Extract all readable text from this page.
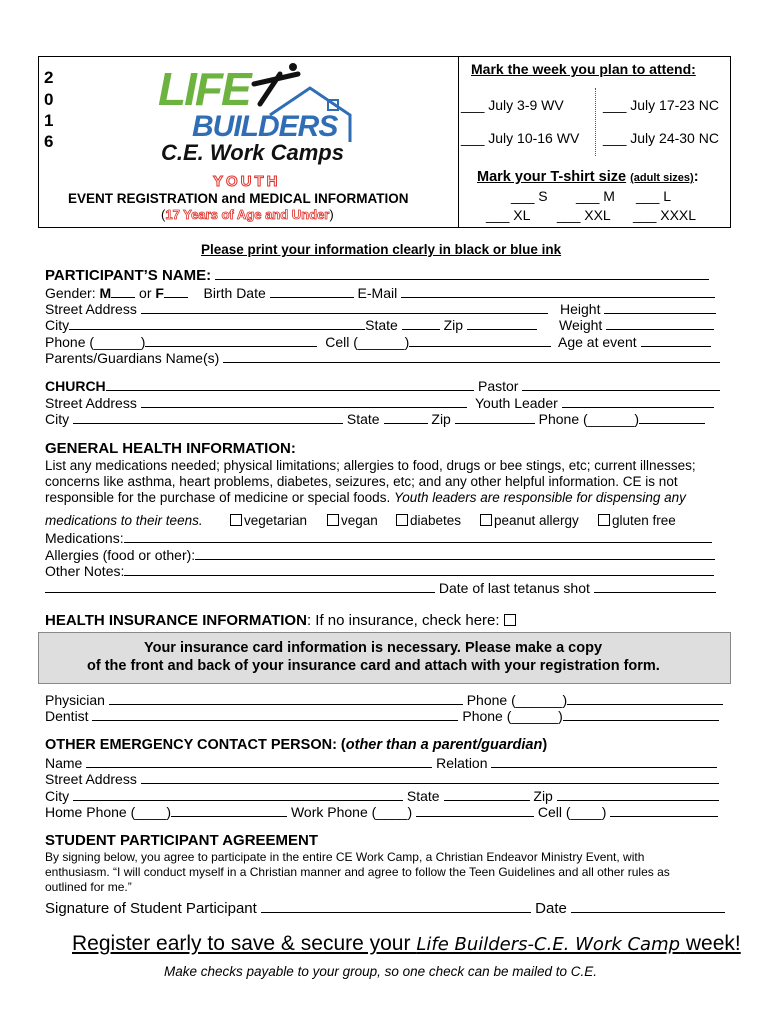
2
0
1
6
LIFE
BUILDERS
C.E. Work Camps
YOUTH
EVENT REGISTRATION and MEDICAL INFORMATION
(17 Years of Age and Under)
Mark the week you plan to attend:
___ July 3-9 WV	___ July 17-23 NC
___ July 10-16 WV ___ July 24-30 NC
Mark your T-shirt size (adult sizes):
___ S ___ M ___ L
___ XL ___ XXL ___ XXXL
Please print your information clearly in black or blue ink
PARTICIPANT’S NAME:
Gender: M or F	Birth Date	E-Mail
Street Address	Height
City	State	Zip	Weight
Phone (______)	Cell (______)	Age at event
Parents/Guardians Name(s)
CHURCH	Pastor
Street Address	Youth Leader
City	State	Zip	Phone (______)
GENERAL HEALTH INFORMATION:
List any medications needed; physical limitations; allergies to food, drugs or bee stings, etc; current illnesses;
concerns like asthma, heart problems, diabetes, seizures, etc; and any other helpful information. CE is not
responsible for the purchase of medicine or special foods. Youth leaders are responsible for dispensing any
medications to their teens.	vegetarian	vegan	diabetes	peanut allergy	gluten free
Medications:
Allergies (food or other):
Other Notes:
Date of last tetanus shot
HEALTH INSURANCE INFORMATION: If no insurance, check here:
Your insurance card information is necessary. Please make a copy
of the front and back of your insurance card and attach with your registration form.
Physician	Phone (______)
Dentist	Phone (______)
OTHER EMERGENCY CONTACT PERSON: (other than a parent/guardian)
Name	Relation
Street Address
City	State	Zip
Home Phone (____)	Work Phone (____)	Cell (____)
STUDENT PARTICIPANT AGREEMENT
By signing below, you agree to participate in the entire CE Work Camp, a Christian Endeavor Ministry Event, with
enthusiasm. “I will conduct myself in a Christian manner and agree to follow the Teen Guidelines and all other rules as
outlined for me.”
Signature of Student Participant	Date
Register early to save & secure your Life Builders-C.E. Work Camp week!
Make checks payable to your group, so one check can be mailed to C.E.
